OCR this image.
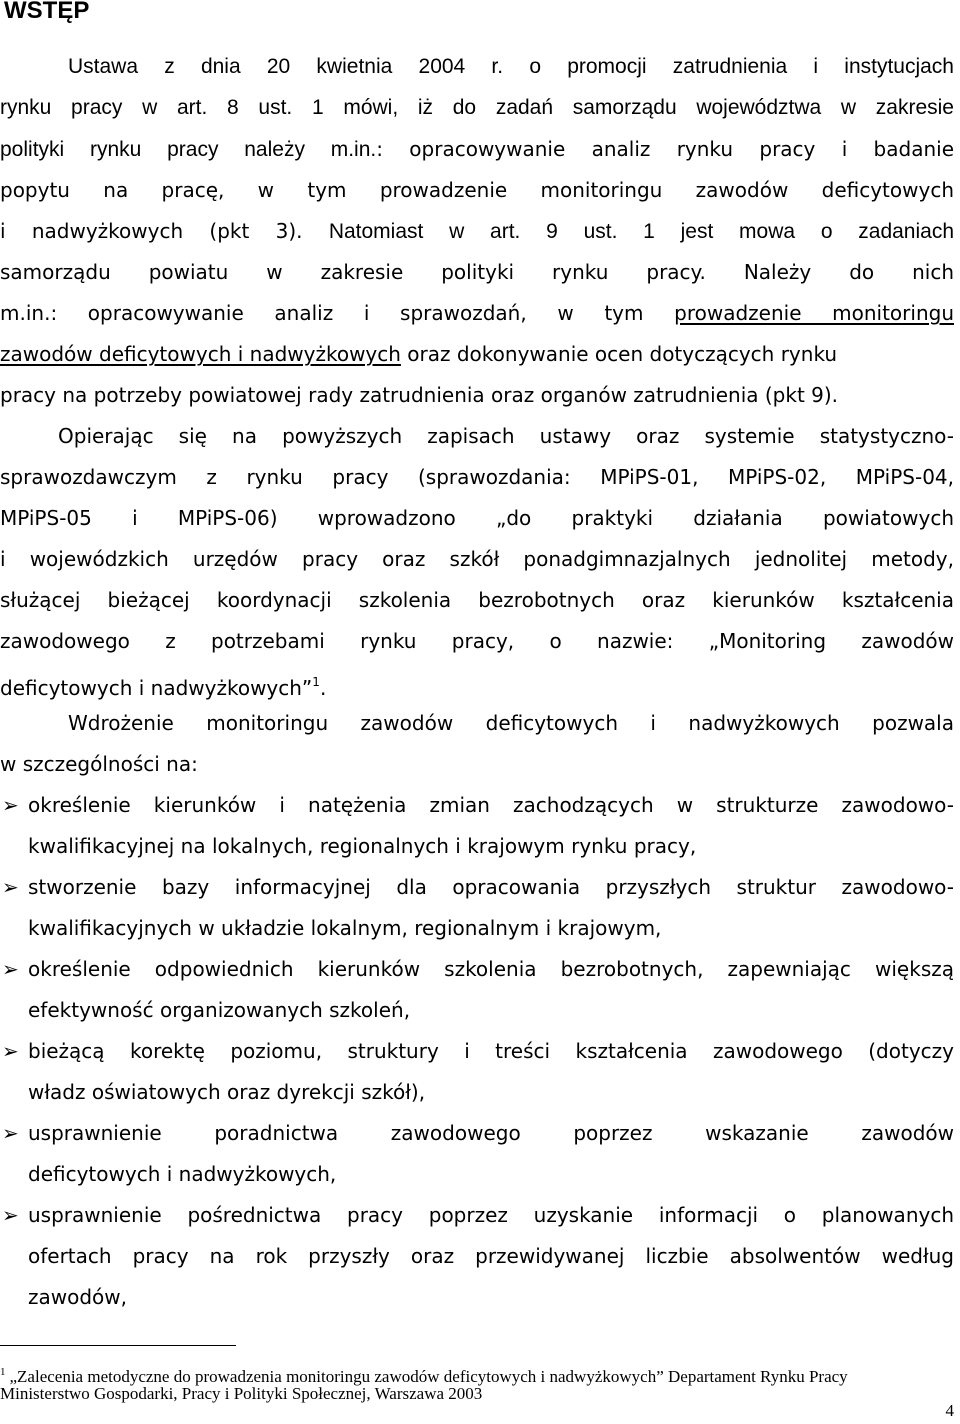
WSTĘP
Ustawa z dnia 20 kwietnia 2004 r. o promocji zatrudnienia i instytucjach
rynku pracy w art. 8 ust. 1 mówi, iż do zadań samorządu województwa w zakresie
polityki rynku pracy należy m.in.: opracowywanie analiz rynku pracy i badanie
popytu na pracę, w tym prowadzenie monitoringu zawodów deficytowych
i nadwyżkowych (pkt 3). Natomiast w art. 9 ust. 1 jest mowa o zadaniach
samorządu powiatu w zakresie polityki rynku pracy. Należy do nich
m.in.: opracowywanie analiz i sprawozdań, w tym prowadzenie monitoringu
zawodów deficytowych i nadwyżkowych oraz dokonywanie ocen dotyczących rynku
pracy na potrzeby powiatowej rady zatrudnienia oraz organów zatrudnienia (pkt 9).
Opierając się na powyższych zapisach ustawy oraz systemie statystyczno-
sprawozdawczym z rynku pracy (sprawozdania: MPiPS-01, MPiPS-02, MPiPS-04,
MPiPS-05 i MPiPS-06) wprowadzono „do praktyki działania powiatowych
i wojewódzkich urzędów pracy oraz szkół ponadgimnazjalnych jednolitej metody,
służącej bieżącej koordynacji szkolenia bezrobotnych oraz kierunków kształcenia
zawodowego z potrzebami rynku pracy, o nazwie: „Monitoring zawodów
deficytowych i nadwyżkowych”$^1$.
Wdrożenie monitoringu zawodów deficytowych i nadwyżkowych pozwala
w szczególności na:
➢ określenie kierunków i natężenia zmian zachodzących w strukturze zawodowo-
kwalifikacyjnej na lokalnych, regionalnych i krajowym rynku pracy,
➢ stworzenie bazy informacyjnej dla opracowania przyszłych struktur zawodowo-
kwalifikacyjnych w układzie lokalnym, regionalnym i krajowym,
➢ określenie odpowiednich kierunków szkolenia bezrobotnych, zapewniając większą
efektywność organizowanych szkoleń,
➢ bieżącą korektę poziomu, struktury i treści kształcenia zawodowego (dotyczy
władz oświatowych oraz dyrekcji szkół),
➢ usprawnienie poradnictwa zawodowego poprzez wskazanie zawodów
deficytowych i nadwyżkowych,
➢ usprawnienie pośrednictwa pracy poprzez uzyskanie informacji o planowanych
ofertach pracy na rok przyszły oraz przewidywanej liczbie absolwentów według
zawodów,
$^1$ „Zalecenia metodyczne do prowadzenia monitoringu zawodów deficytowych i nadwyżkowych” Departament Rynku Pracy
Ministerstwo Gospodarki, Pracy i Polityki Społecznej, Warszawa 2003
4
